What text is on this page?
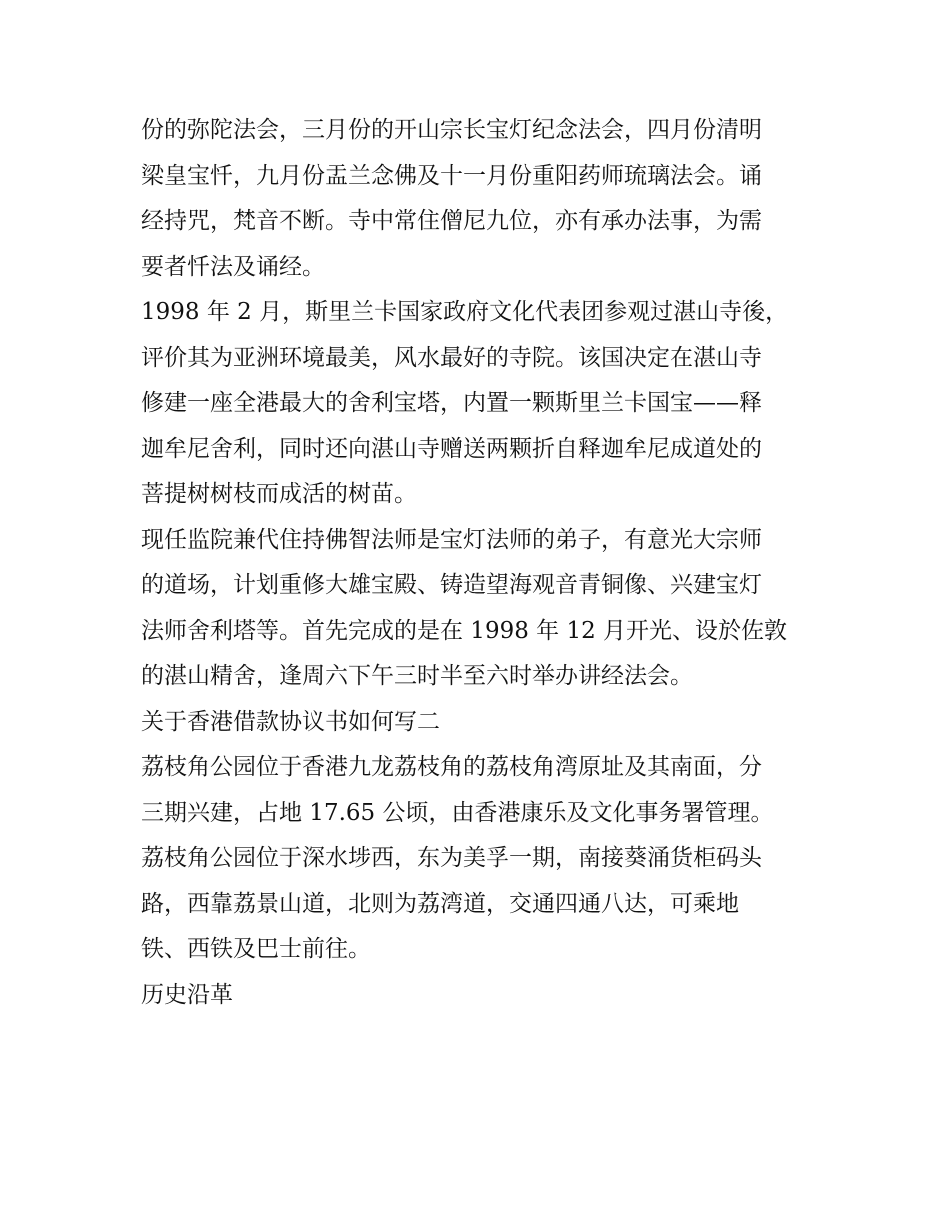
份的弥陀法会，三月份的开山宗长宝灯纪念法会，四月份清明
梁皇宝忏，九月份盂兰念佛及十一月份重阳药师琉璃法会。诵
经持咒，梵音不断。寺中常住僧尼九位，亦有承办法事，为需
要者忏法及诵经。

1998 年 2 月，斯里兰卡国家政府文化代表团参观过湛山寺後，
评价其为亚洲环境最美，风水最好的寺院。该国决定在湛山寺
修建一座全港最大的舍利宝塔，内置一颗斯里兰卡国宝——释
迦牟尼舍利，同时还向湛山寺赠送两颗折自释迦牟尼成道处的
菩提树树枝而成活的树苗。

现任监院兼代住持佛智法师是宝灯法师的弟子，有意光大宗师
的道场，计划重修大雄宝殿、铸造望海观音青铜像、兴建宝灯
法师舍利塔等。首先完成的是在 1998 年 12 月开光、设於佐敦
的湛山精舍，逢周六下午三时半至六时举办讲经法会。

关于香港借款协议书如何写二

荔枝角公园位于香港九龙荔枝角的荔枝角湾原址及其南面，分
三期兴建，占地 17.65 公顷，由香港康乐及文化事务署管理。

荔枝角公园位于深水埗西，东为美孚一期，南接葵涌货柜码头
路，西靠荔景山道，北则为荔湾道，交通四通八达，可乘地
铁、西铁及巴士前往。

历史沿革
